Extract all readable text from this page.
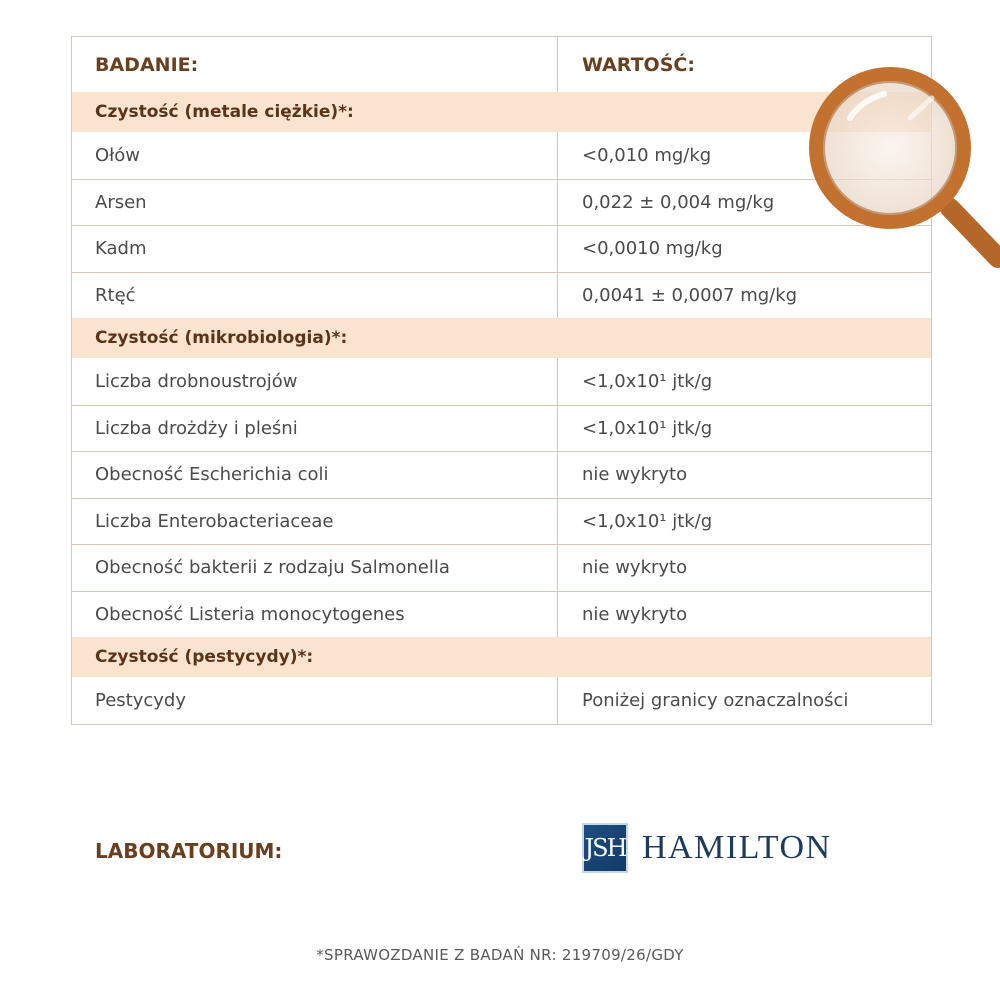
BADANIE:	WARTOŚĆ:
Czystość (metale ciężkie)*:
Ołów	<0,010 mg/kg
Arsen	0,022 ± 0,004 mg/kg
Kadm	<0,0010 mg/kg
Rtęć	0,0041 ± 0,0007 mg/kg
Czystość (mikrobiologia)*:
Liczba drobnoustrojów	<1,0x10¹ jtk/g
Liczba drożdży i pleśni	<1,0x10¹ jtk/g
Obecność Escherichia coli	nie wykryto
Liczba Enterobacteriaceae	<1,0x10¹ jtk/g
Obecność bakterii z rodzaju Salmonella	nie wykryto
Obecność Listeria monocytogenes	nie wykryto
Czystość (pestycydy)*:
Pestycydy	Poniżej granicy oznaczalności
LABORATORIUM:	JSH HAMILTON
*SPRAWOZDANIE Z BADAŃ NR: 219709/26/GDY
